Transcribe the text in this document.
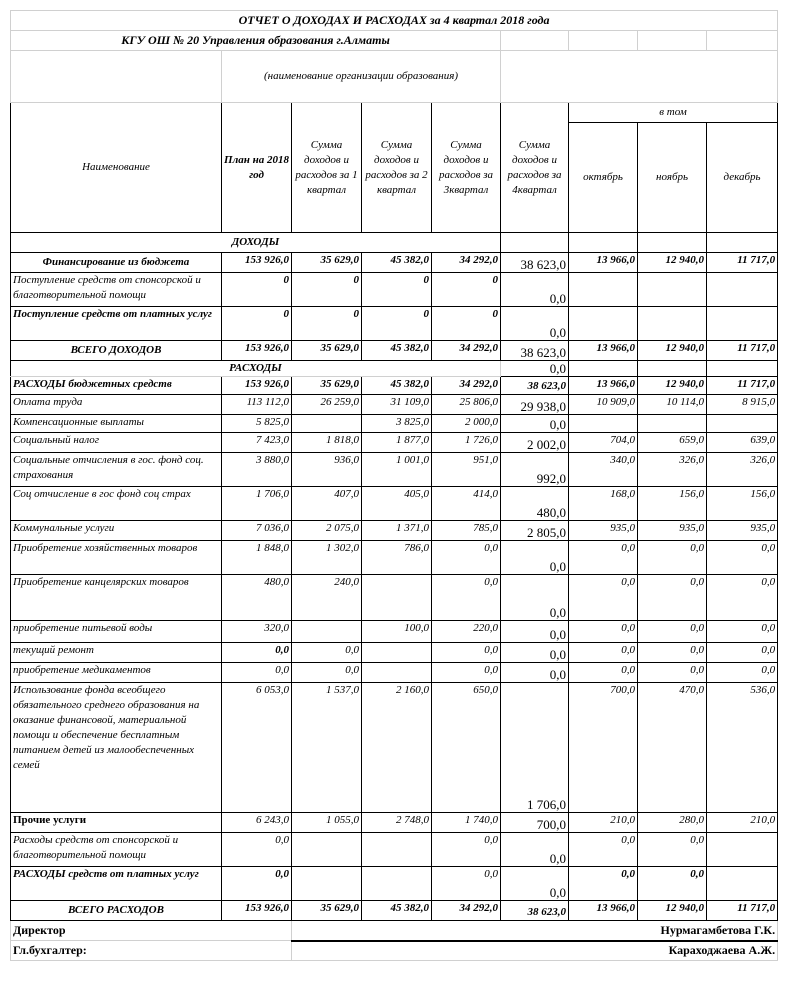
ОТЧЕТ О ДОХОДАХ И РАСХОДАХ за 4 квартал 2018 года								
КГУ ОШ № 20 Управления образования г.Алматы								
	(наименование организации образования)							
Наименование	План на 2018 год	Сумма доходов и расходов за 1 квартал	Сумма доходов и расходов за 2 квартал	Сумма доходов и расходов за 3квартал	Сумма доходов и расходов за 4квартал	в том		
						октябрь	ноябрь	декабрь
ДОХОДЫ								
Финансирование из бюджета	153 926,0	35 629,0	45 382,0	34 292,0	38 623,0	13 966,0	12 940,0	11 717,0
Поступление средств от спонсорской и благотворительной помощи	0	0	0	0	0,0			
Поступление средств от платных услуг	0	0	0	0	0,0			
ВСЕГО ДОХОДОВ	153 926,0	35 629,0	45 382,0	34 292,0	38 623,0	13 966,0	12 940,0	11 717,0
РАСХОДЫ					0,0			
РАСХОДЫ бюджетных средств	153 926,0	35 629,0	45 382,0	34 292,0	38 623,0	13 966,0	12 940,0	11 717,0
Оплата труда	113 112,0	26 259,0	31 109,0	25 806,0	29 938,0	10 909,0	10 114,0	8 915,0
Компенсационные выплаты	5 825,0		3 825,0	2 000,0	0,0			
Социальный налог	7 423,0	1 818,0	1 877,0	1 726,0	2 002,0	704,0	659,0	639,0
Социальные отчисления в гос. фонд соц. страхования	3 880,0	936,0	1 001,0	951,0	992,0	340,0	326,0	326,0
Соц отчисление в гос фонд соц страх	1 706,0	407,0	405,0	414,0	480,0	168,0	156,0	156,0
Коммунальные услуги	7 036,0	2 075,0	1 371,0	785,0	2 805,0	935,0	935,0	935,0
Приобретение хозяйственных товаров	1 848,0	1 302,0	786,0	0,0	0,0	0,0	0,0	0,0
Приобретение канцелярских товаров	480,0	240,0		0,0	0,0	0,0	0,0	0,0
приобретение питьевой воды	320,0		100,0	220,0	0,0	0,0	0,0	0,0
текущий ремонт	0,0	0,0		0,0	0,0	0,0	0,0	0,0
приобретение медикаментов	0,0	0,0		0,0	0,0	0,0	0,0	0,0
Использование фонда всеобщего обязательного среднего образования на оказание финансовой, материальной помощи и обеспечение бесплатным питанием детей из малообеспеченных семей	6 053,0	1 537,0	2 160,0	650,0	1 706,0	700,0	470,0	536,0
Прочие услуги	6 243,0	1 055,0	2 748,0	1 740,0	700,0	210,0	280,0	210,0
Расходы средств от спонсорской и благотворительной помощи	0,0			0,0	0,0	0,0	0,0	
РАСХОДЫ средств от платных услуг	0,0			0,0	0,0	0,0	0,0	
ВСЕГО РАСХОДОВ	153 926,0	35 629,0	45 382,0	34 292,0	38 623,0	13 966,0	12 940,0	11 717,0
Директор		Нурмагамбетова Г.К.						
Гл.бухгалтер:		Караходжаева А.Ж.						
